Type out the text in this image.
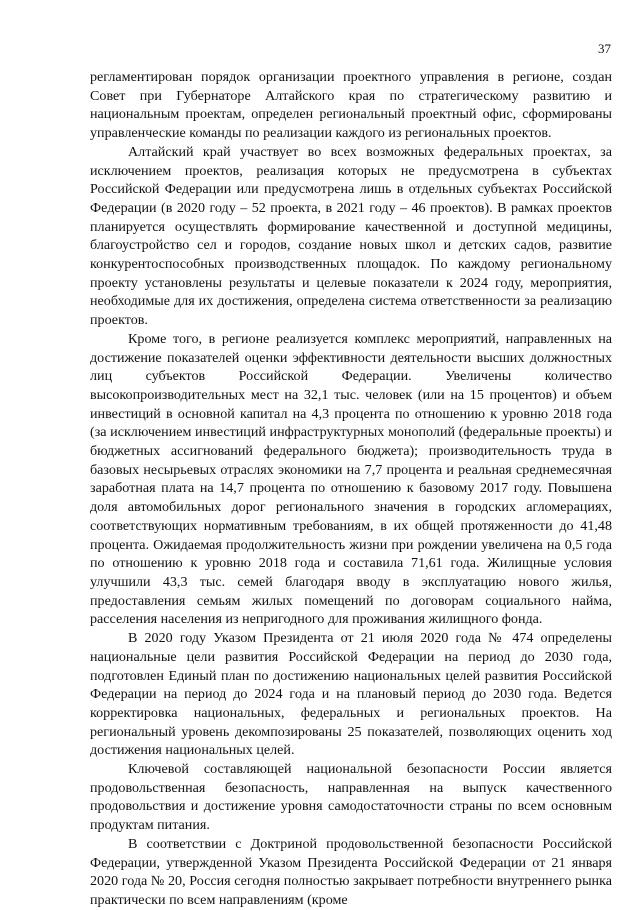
37

регламентирован порядок организации проектного управления в регионе, создан Совет при Губернаторе Алтайского края по стратегическому развитию и национальным проектам, определен региональный проектный офис, сформированы управленческие команды по реализации каждого из региональных проектов.

Алтайский край участвует во всех возможных федеральных проектах, за исключением проектов, реализация которых не предусмотрена в субъектах Российской Федерации или предусмотрена лишь в отдельных субъектах Российской Федерации (в 2020 году – 52 проекта, в 2021 году – 46 проектов). В рамках проектов планируется осуществлять формирование качественной и доступной медицины, благоустройство сел и городов, создание новых школ и детских садов, развитие конкурентоспособных производственных площадок. По каждому региональному проекту установлены результаты и целевые показатели к 2024 году, мероприятия, необходимые для их достижения, определена система ответственности за реализацию проектов.

Кроме того, в регионе реализуется комплекс мероприятий, направленных на достижение показателей оценки эффективности деятельности высших должностных лиц субъектов Российской Федерации. Увеличены количество высокопроизводительных мест на 32,1 тыс. человек (или на 15 процентов) и объем инвестиций в основной капитал на 4,3 процента по отношению к уровню 2018 года (за исключением инвестиций инфраструктурных монополий (федеральные проекты) и бюджетных ассигнований федерального бюджета); производительность труда в базовых несырьевых отраслях экономики на 7,7 процента и реальная среднемесячная заработная плата на 14,7 процента по отношению к базовому 2017 году. Повышена доля автомобильных дорог регионального значения в городских агломерациях, соответствующих нормативным требованиям, в их общей протяженности до 41,48 процента. Ожидаемая продолжительность жизни при рождении увеличена на 0,5 года по отношению к уровню 2018 года и составила 71,61 года. Жилищные условия улучшили 43,3 тыс. семей благодаря вводу в эксплуатацию нового жилья, предоставления семьям жилых помещений по договорам социального найма, расселения населения из непригодного для проживания жилищного фонда.

В 2020 году Указом Президента от 21 июля 2020 года № 474 определены национальные цели развития Российской Федерации на период до 2030 года, подготовлен Единый план по достижению национальных целей развития Российской Федерации на период до 2024 года и на плановый период до 2030 года. Ведется корректировка национальных, федеральных и региональных проектов. На региональный уровень декомпозированы 25 показателей, позволяющих оценить ход достижения национальных целей.

Ключевой составляющей национальной безопасности России является продовольственная безопасность, направленная на выпуск качественного продовольствия и достижение уровня самодостаточности страны по всем основным продуктам питания.

В соответствии с Доктриной продовольственной безопасности Российской Федерации, утвержденной Указом Президента Российской Федерации от 21 января 2020 года № 20, Россия сегодня полностью закрывает потребности внутреннего рынка практически по всем направлениям (кроме
